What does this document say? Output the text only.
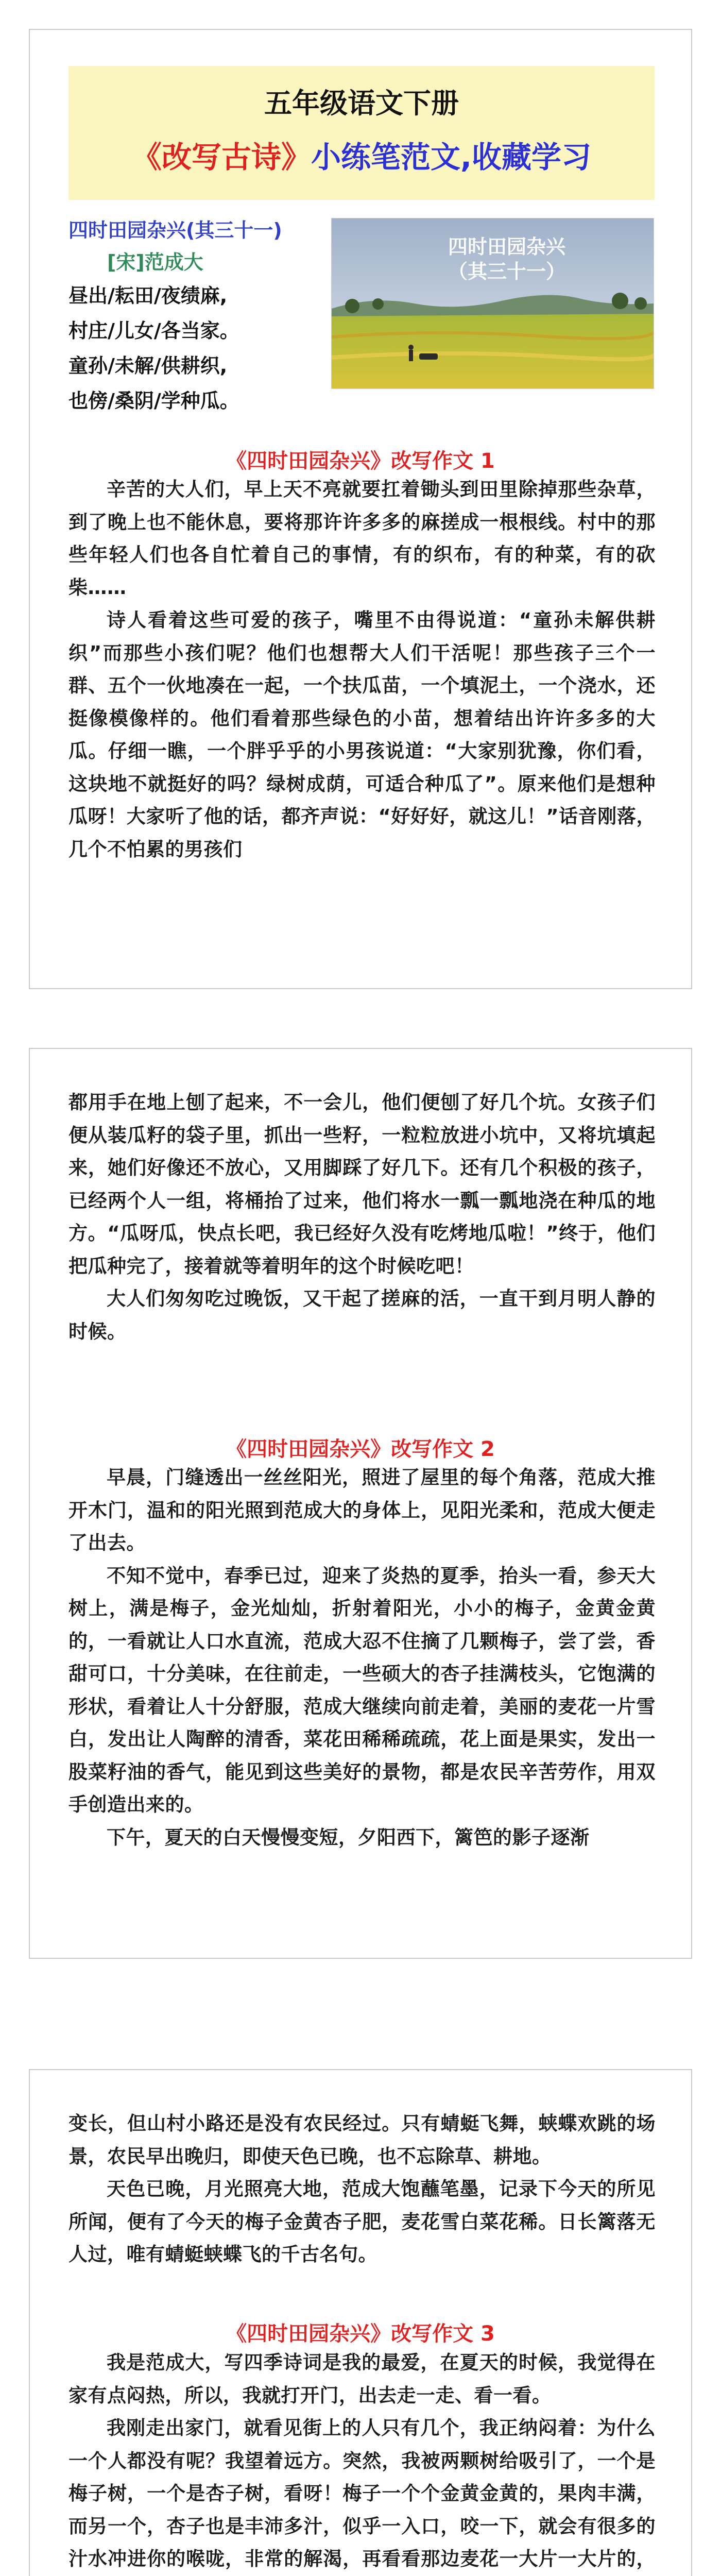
五年级语文下册
《改写古诗》小练笔范文,收藏学习
四时田园杂兴(其三十一)
[宋]范成大
昼出/耘田/夜绩麻,
村庄/儿女/各当家。
童孙/未解/供耕织,
也傍/桑阴/学种瓜。
四时田园杂兴
（其三十一）
《四时田园杂兴》改写作文 1

辛苦的大人们，早上天不亮就要扛着锄头到田里除掉那些杂草，到了晚上也不能休息，要将那许许多多的麻搓成一根根线。村中的那些年轻人们也各自忙着自己的事情，有的织布，有的种菜，有的砍柴……

诗人看着这些可爱的孩子，嘴里不由得说道：“童孙未解供耕织”而那些小孩们呢？他们也想帮大人们干活呢！那些孩子三个一群、五个一伙地凑在一起，一个扶瓜苗，一个填泥土，一个浇水，还挺像模像样的。他们看着那些绿色的小苗，想着结出许许多多的大瓜。仔细一瞧，一个胖乎乎的小男孩说道：“大家别犹豫，你们看，这块地不就挺好的吗？绿树成荫，可适合种瓜了”。原来他们是想种瓜呀！大家听了他的话，都齐声说：“好好好，就这儿！”话音刚落，几个不怕累的男孩们

都用手在地上刨了起来，不一会儿，他们便刨了好几个坑。女孩子们便从装瓜籽的袋子里，抓出一些籽，一粒粒放进小坑中，又将坑填起来，她们好像还不放心，又用脚踩了好几下。还有几个积极的孩子，已经两个人一组，将桶抬了过来，他们将水一瓢一瓢地浇在种瓜的地方。“瓜呀瓜，快点长吧，我已经好久没有吃烤地瓜啦！”终于，他们把瓜种完了，接着就等着明年的这个时候吃吧！

大人们匆匆吃过晚饭，又干起了搓麻的活，一直干到月明人静的时候。

《四时田园杂兴》改写作文 2

早晨，门缝透出一丝丝阳光，照进了屋里的每个角落，范成大推开木门，温和的阳光照到范成大的身体上，见阳光柔和，范成大便走了出去。

不知不觉中，春季已过，迎来了炎热的夏季，抬头一看，参天大树上，满是梅子，金光灿灿，折射着阳光，小小的梅子，金黄金黄的，一看就让人口水直流，范成大忍不住摘了几颗梅子，尝了尝，香甜可口，十分美味，在往前走，一些硕大的杏子挂满枝头，它饱满的形状，看着让人十分舒服，范成大继续向前走着，美丽的麦花一片雪白，发出让人陶醉的清香，菜花田稀稀疏疏，花上面是果实，发出一股菜籽油的香气，能见到这些美好的景物，都是农民辛苦劳作，用双手创造出来的。

下午，夏天的白天慢慢变短，夕阳西下，篱笆的影子逐渐

变长，但山村小路还是没有农民经过。只有蜻蜓飞舞，蛱蝶欢跳的场景，农民早出晚归，即使天色已晚，也不忘除草、耕地。

天色已晚，月光照亮大地，范成大饱蘸笔墨，记录下今天的所见所闻，便有了今天的梅子金黄杏子肥，麦花雪白菜花稀。日长篱落无人过，唯有蜻蜓蛱蝶飞的千古名句。

《四时田园杂兴》改写作文 3

我是范成大，写四季诗词是我的最爱，在夏天的时候，我觉得在家有点闷热，所以，我就打开门，出去走一走、看一看。

我刚走出家门，就看见街上的人只有几个，我正纳闷着：为什么一个人都没有呢？我望着远方。突然，我被两颗树给吸引了，一个是梅子树，一个是杏子树，看呀！梅子一个个金黄金黄的，果肉丰满，而另一个，杏子也是丰沛多汁，似乎一入口，咬一下，就会有很多的汁水冲进你的喉咙，非常的解渴，再看看那边麦花一大片一大片的，
